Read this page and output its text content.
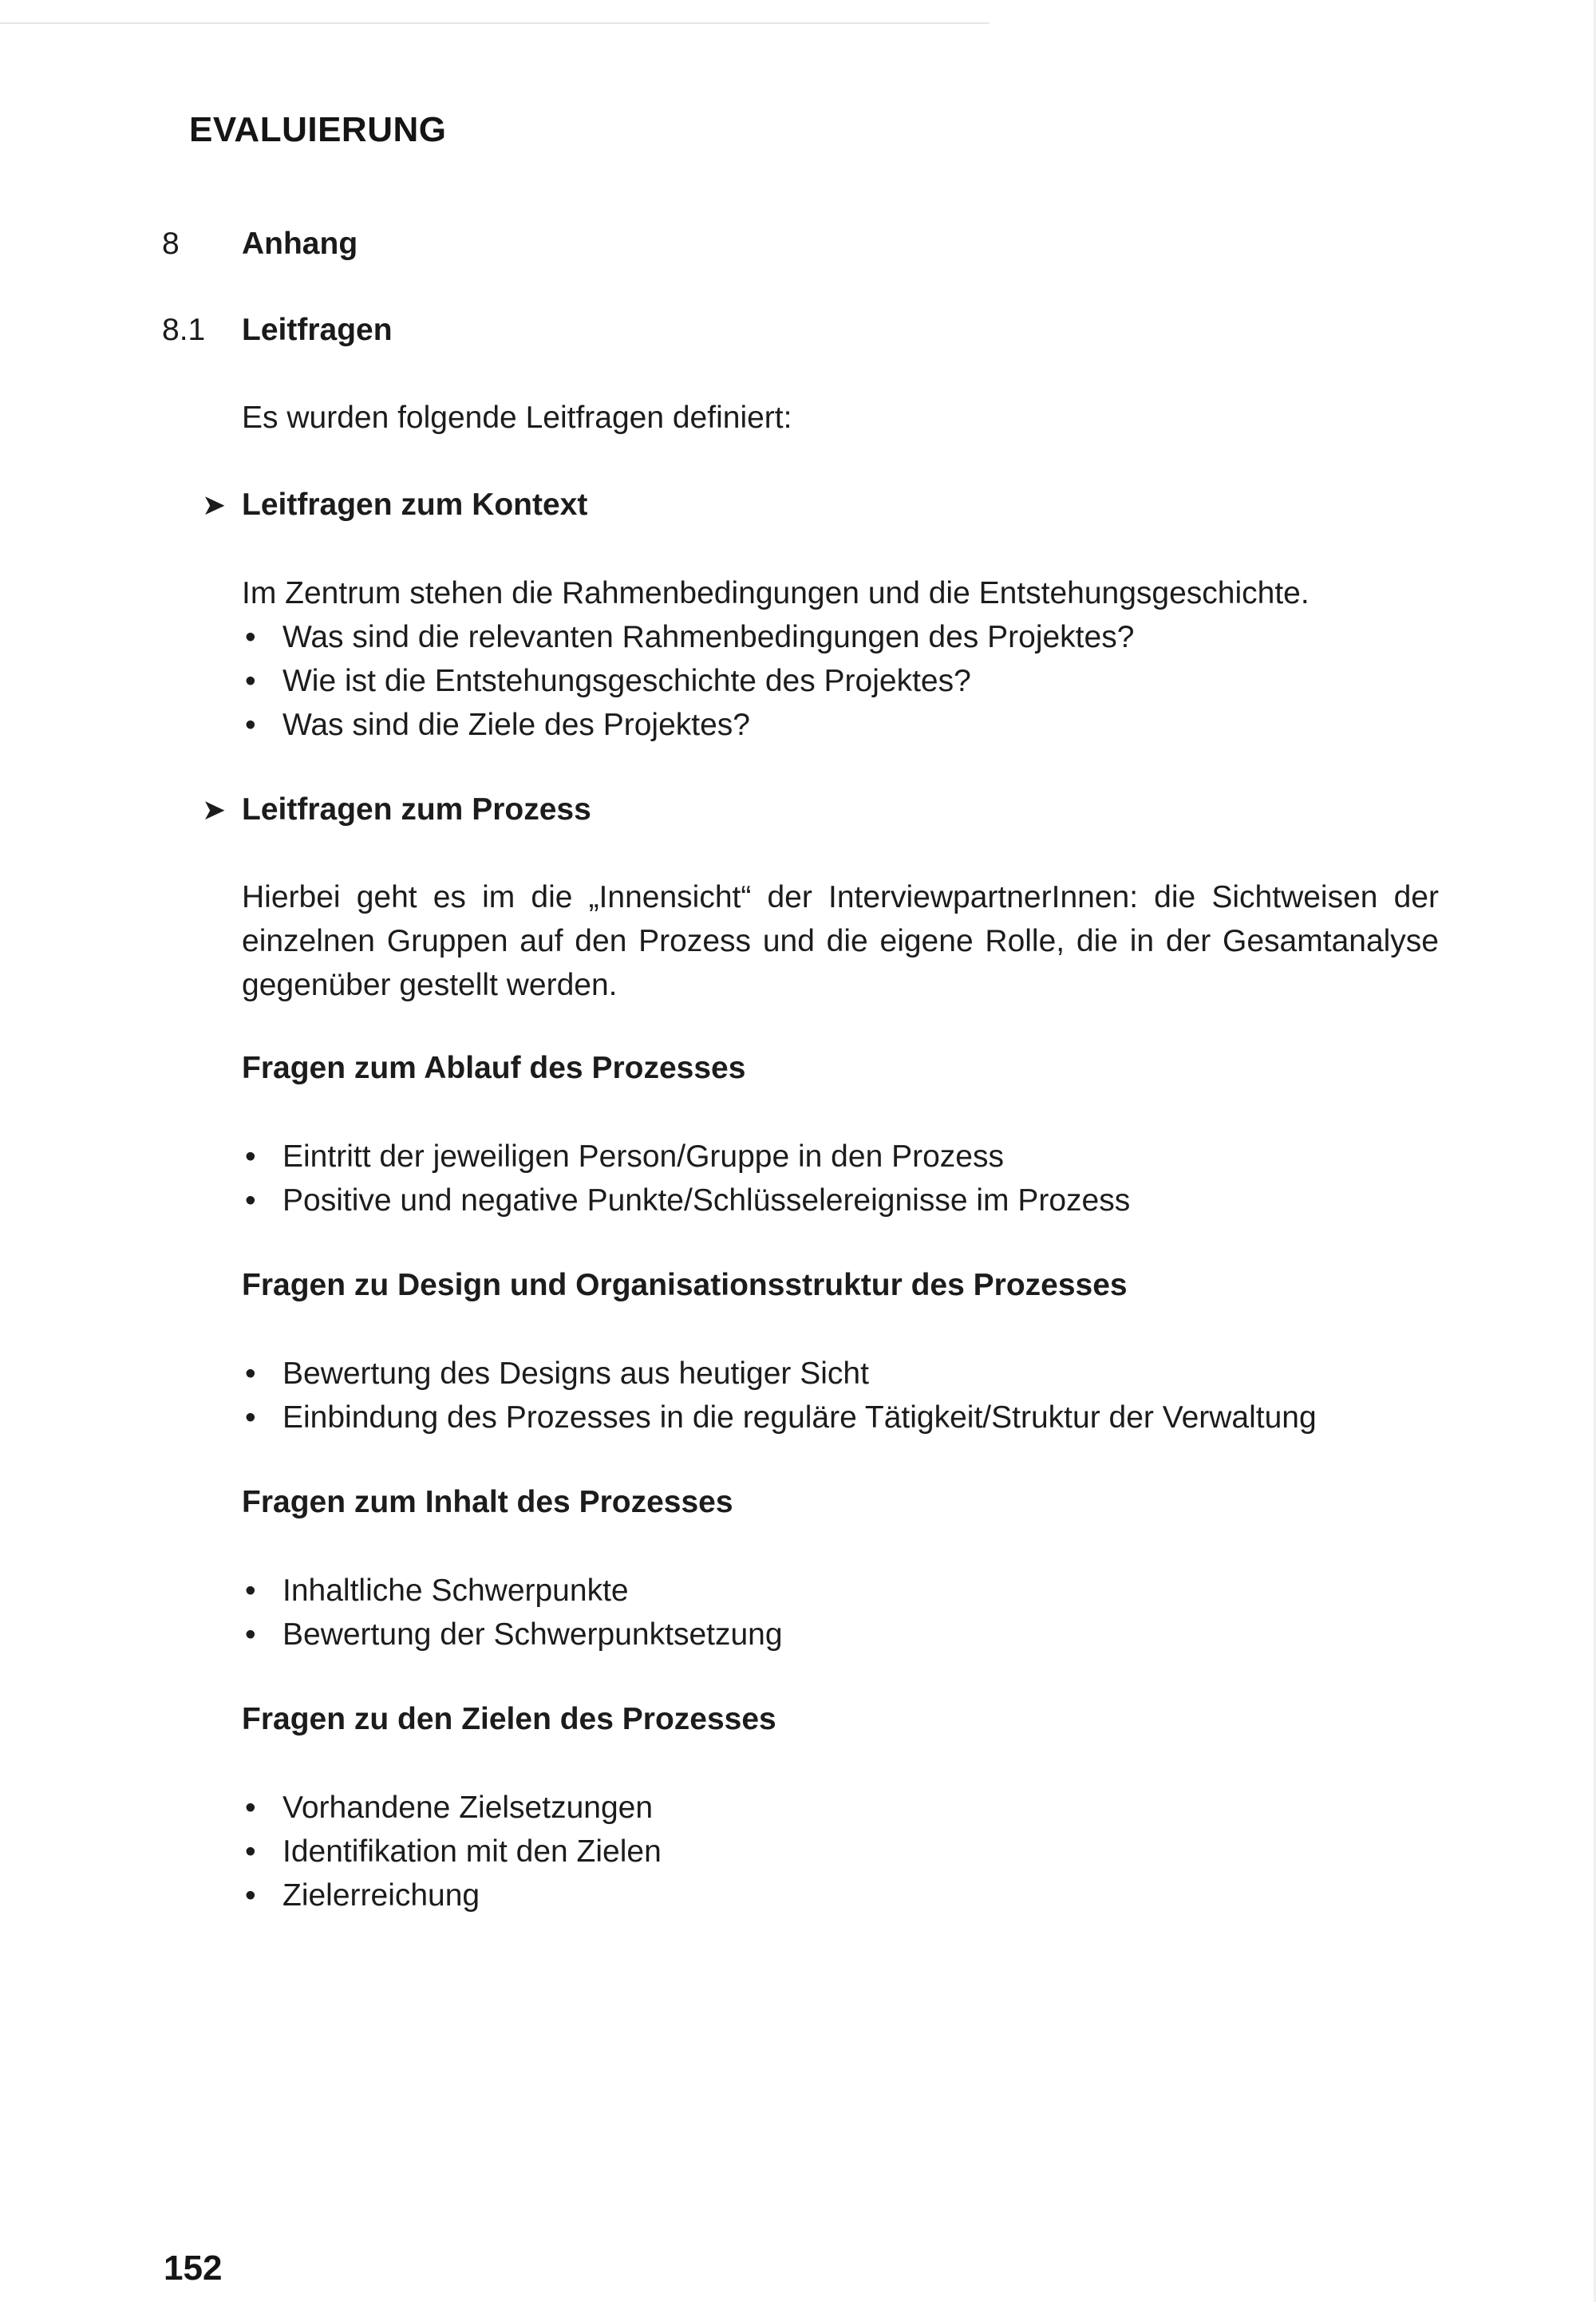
EVALUIERUNG
8 Anhang
8.1 Leitfragen
Es wurden folgende Leitfragen definiert:
➤ Leitfragen zum Kontext
Im Zentrum stehen die Rahmenbedingungen und die Entstehungsgeschichte.
• Was sind die relevanten Rahmenbedingungen des Projektes?
• Wie ist die Entstehungsgeschichte des Projektes?
• Was sind die Ziele des Projektes?
➤ Leitfragen zum Prozess
Hierbei geht es im die „Innensicht“ der InterviewpartnerInnen: die Sichtweisen der einzelnen Gruppen auf den Prozess und die eigene Rolle, die in der Gesamtanalyse gegenüber gestellt werden.
Fragen zum Ablauf des Prozesses
• Eintritt der jeweiligen Person/Gruppe in den Prozess
• Positive und negative Punkte/Schlüsselereignisse im Prozess
Fragen zu Design und Organisationsstruktur des Prozesses
• Bewertung des Designs aus heutiger Sicht
• Einbindung des Prozesses in die reguläre Tätigkeit/Struktur der Verwaltung
Fragen zum Inhalt des Prozesses
• Inhaltliche Schwerpunkte
• Bewertung der Schwerpunktsetzung
Fragen zu den Zielen des Prozesses
• Vorhandene Zielsetzungen
• Identifikation mit den Zielen
• Zielerreichung
152
